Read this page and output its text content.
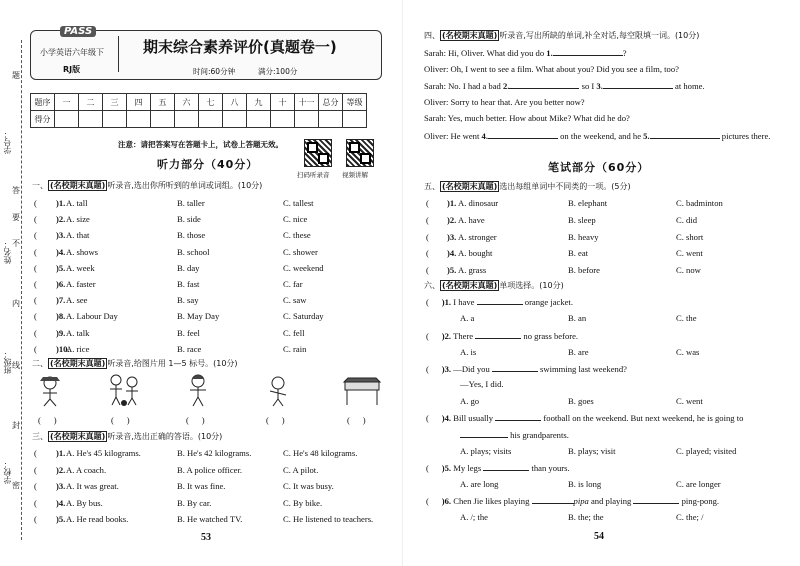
学号：
姓名：
班级：
学校：
题
答
要
不
内
线
封
密
PASS
小学英语六年级下
RJ版
期末综合素养评价(真题卷一)
时间:60分钟	满分:100分
题序	一	二	三	四	五	六	七	八	九	十	十一	总分	等级
得分													
注意：请把答案写在答题卡上，试卷上答题无效。
扫码听录音 视频讲解
听力部分（40分）
一、 (名校期末真题) 听录音,选出你所听到的单词或词组。(10分)
( )1. A. tall	B. taller	C. tallest
( )2. A. size	B. side	C. nice
( )3. A. that	B. those	C. these
( )4. A. shows	B. school	C. shower
( )5. A. week	B. day	C. weekend
( )6. A. faster	B. fast	C. far
( )7. A. see	B. say	C. saw
( )8. A. Labour Day	B. May Day	C. Saturday
( )9. A. talk	B. feel	C. fell
( )10.
A. rice	B. race	C. rain
二、 (名校期末真题) 听录音,给图片用 1—5 标号。(10分)
(      )	(      )	(      )	(      )	(      )
三、 (名校期末真题) 听录音,选出正确的答语。(10分)
( )1. A. He's 45 kilograms.	B. He's 42 kilograms.	C. He's 48 kilograms.
( )2. A. A coach.	B. A police officer.	C. A pilot.
( )3. A. It was great.	B. It was fine.	C. It was busy.
( )4. A. By bus.	B. By car.	C. By bike.
( )5. A. He read books.	B. He watched TV.	C. He listened to teachers.
53
四、 (名校期末真题) 听录音,写出所缺的单词,补全对话,每空限填一词。(10分)
Sarah: Hi, Oliver. What did you do 1.	?
Oliver: Oh, I went to see a film. What about you? Did you see a film, too?
Sarah: No. I had a bad 2.	so I 3.	at home.
Oliver: Sorry to hear that. Are you better now?
Sarah: Yes, much better. How about Mike? What did he do?
Oliver: He went 4.	on the weekend, and he 5.	pictures there.
笔试部分（60分）
五、 (名校期末真题) 选出每组单词中不同类的一项。(5分)
( )1. A. dinosaur	B. elephant	C. badminton
( )2. A. have	B. sleep	C. did
( )3. A. stronger	B. heavy	C. short
( )4. A. bought	B. eat	C. went
( )5. A. grass	B. before	C. now
六、 (名校期末真题) 单项选择。(10分)
(      )1. I have	orange jacket.
A. a	B. an	C. the
(      )2. There	no grass before.
A. is	B. are	C. was
(      )3. —Did you	swimming last weekend?
—Yes, I did.
A. go	B. goes	C. went
(      )4. Bill usually	football on the weekend. But next weekend, he is going to
his grandparents.
A. plays; visits	B. plays; visit	C. played; visited
(      )5. My legs	than yours.
A. are long	B. is long	C. are longer
(      )6. Chen Jie likes playing	pipa and playing	ping-pong.
A. /; the	B. the; the	C. the; /
54
